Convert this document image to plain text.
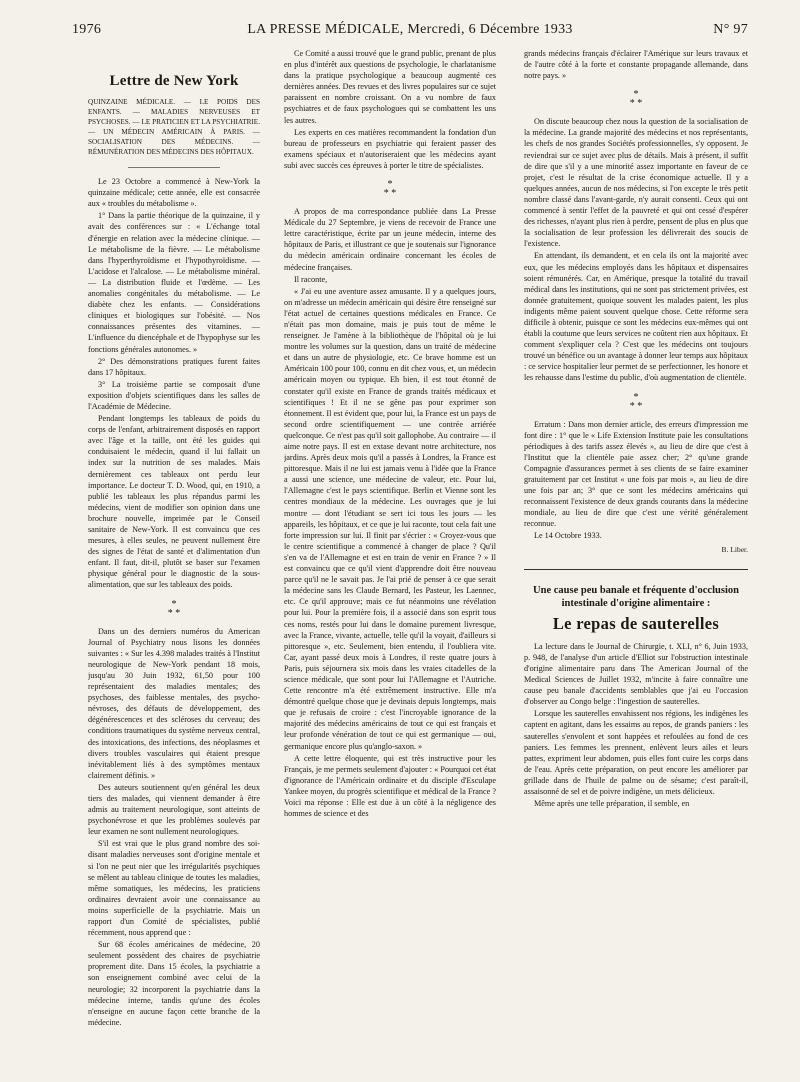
1976	LA PRESSE MÉDICALE, Mercredi, 6 Décembre 1933	N° 97
Lettre de New York

QUINZAINE MÉDICALE. — LE POIDS DES ENFANTS. — MALADIES NERVEUSES ET PSYCHOSES. — LE PRATICIEN ET LA PSYCHIATRIE. — UN MÉDECIN AMÉRICAIN À PARIS. — SOCIALISATION DES MÉDECINS. — RÉMUNÉRATION DES MÉDECINS DES HÔPITAUX.

Le 23 Octobre a commencé à New-York la quinzaine médicale; cette année, elle est consacrée aux « troubles du métabolisme ».

1° Dans la partie théorique de la quinzaine, il y avait des conférences sur : « L'échange total d'énergie en relation avec la médecine clinique. — Le métabolisme de la fièvre. — Le métabolisme dans l'hyperthyroïdisme et l'hypothyroïdisme. — L'acidose et l'alcalose. — Le métabolisme minéral. — La distribution fluide et l'œdème. — Les anomalies congénitales du métabolisme. — Le diabète chez les enfants. — Considérations cliniques et biologiques sur l'obésité. — Nos connaissances présentes des vitamines. — L'influence du diencéphale et de l'hypophyse sur les fonctions générales autonomes. »

2° Des démonstrations pratiques furent faites dans 17 hôpitaux.

3° La troisième partie se composait d'une exposition d'objets scientifiques dans les salles de l'Académie de Médecine.

Pendant longtemps les tableaux de poids du corps de l'enfant, arbitrairement disposés en rapport avec l'âge et la taille, ont été les guides qui conduisaient le médecin, quand il lui fallait un index sur la nutrition de ses malades. Mais dernièrement ces tableaux ont perdu leur importance. Le docteur T. D. Wood, qui, en 1910, a publié les tableaux les plus répandus parmi les médecins, vient de modifier son opinion dans une brochure nouvelle, imprimée par le Conseil sanitaire de New-York. Il est convaincu que ces mesures, à elles seules, ne peuvent nullement être des signes de l'état de santé et d'alimentation d'un enfant. Il faut, dit-il, plutôt se baser sur l'examen physique général pour le diagnostic de la sous-alimentation, que sur les tableaux des poids.

*
* *

Dans un des derniers numéros du American Journal of Psychiatry nous lisons les données suivantes : « Sur les 4.398 malades traités à l'Institut neurologique de New-York pendant 18 mois, jusqu'au 30 Juin 1932, 61,50 pour 100 représentaient des maladies mentales; des psychoses, des faiblesse mentales, des psycho-névroses, des défauts de développement, des dégénérescences et des scléroses du cerveau; des conditions traumatiques du système nerveux central, des intoxications, des infections, des néoplasmes et divers troubles vasculaires qui étaient presque inévitablement liés à des symptômes mentaux clairement définis. »

Des auteurs soutiennent qu'en général les deux tiers des malades, qui viennent demander à être admis au traitement neurologique, sont atteints de psychonévrose et que les problèmes soulevés par leur examen ne sont nullement neurologiques.

S'il est vrai que le plus grand nombre des soi-disant maladies nerveuses sont d'origine mentale et si l'on ne peut nier que les irrégularités psychiques se mêlent au tableau clinique de toutes les maladies, même somatiques, les médecins, les praticiens ordinaires devraient avoir une connaissance au moins superficielle de la psychiatrie. Mais un rapport d'un Comité de spécialistes, publié récemment, nous apprend que :

Sur 68 écoles américaines de médecine, 20 seulement possèdent des chaires de psychiatrie proprement dite. Dans 15 écoles, la psychiatrie a son enseignement combiné avec celui de la neurologie; 32 incorporent la psychiatrie dans la médecine interne, tandis qu'une des écoles n'enseigne en aucune façon cette branche de la médecine.

Ce Comité a aussi trouvé que le grand public, prenant de plus en plus d'intérêt aux questions de psychologie, le charlatanisme dans la pratique psychologique a beaucoup augmenté ces dernières années. Des revues et des livres populaires sur ce sujet paraissent en nombre croissant. On a vu nombre de faux psychiatres et de faux psychologues qui se combattent les uns les autres.

Les experts en ces matières recommandent la fondation d'un bureau de professeurs en psychiatrie qui feraient passer des examens spéciaux et n'autoriseraient que les médecins ayant subi avec succès ces épreuves à porter le titre de spécialistes.

*
* *

A propos de ma correspondance publiée dans La Presse Médicale du 27 Septembre, je viens de recevoir de France une lettre caractéristique, écrite par un jeune médecin, interne des hôpitaux de Paris, et illustrant ce que je soutenais sur l'ignorance du médecin américain ordinaire concernant les écoles de médecine françaises.

Il raconte,

« J'ai eu une aventure assez amusante. Il y a quelques jours, on m'adresse un médecin américain qui désire être renseigné sur l'état actuel de certaines questions médicales en France. Ce n'était pas mon domaine, mais je puis tout de même le renseigner. Je l'amène à la bibliothèque de l'hôpital où je lui montre les volumes sur la question, dans un traité de médecine et dans un autre de physiologie, etc. Ce brave homme est un Américain 100 pour 100, connu en dit chez vous, et, un médecin américain moyen ou typique. Eh bien, il est tout étonné de constater qu'il existe en France de grands traités médicaux et scientifiques ! Et il ne se gêne pas pour exprimer son étonnement. Il est évident que, pour lui, la France est un pays de second ordre scientifiquement — une contrée arriérée quelconque. Ce n'est pas qu'il soit gallophobe. Au contraire — il aime notre pays. Il est en extase devant notre architecture, nos jardins. Après deux mois qu'il a passés à Londres, la France est pittoresque. Mais il ne lui est jamais venu à l'idée que la France a aussi une science, une médecine de valeur, etc. Pour lui, l'Allemagne c'est le pays scientifique. Berlin et Vienne sont les centres mondiaux de la médecine. Les ouvrages que je lui montre — dont l'étudiant se sert ici tous les jours — les appareils, les hôpitaux, et ce que je lui raconte, tout cela fait une forte impression sur lui. Il finit par s'écrier : « Croyez-vous que le centre scientifique a commencé à changer de place ? Qu'il s'en va de l'Allemagne et est en train de venir en France ? » Il est convaincu que ce qu'il vient d'apprendre doit être nouveau parce qu'il ne le savait pas. Je l'ai prié de penser à ce que serait la médecine sans les Claude Bernard, les Pasteur, les Laennec, etc. Ce qu'il approuve; mais ce fut néanmoins une révélation pour lui. Pour la première fois, il a associé dans son esprit tous ces noms, restés pour lui dans le domaine purement livresque, avec la France, vivante, actuelle, telle qu'il la voyait, d'ailleurs si pittoresque », etc. Seulement, bien entendu, il l'oubliera vite. Car, ayant passé deux mois à Londres, il reste quatre jours à Paris, puis séjournera six mois dans les vraies citadelles de la science médicale, que sont pour lui l'Allemagne et l'Autriche. Cette rencontre m'a été extrêmement instructive. Elle m'a démontré quelque chose que je devinais depuis longtemps, mais que je refusais de croire : c'est l'incroyable ignorance de la majorité des médecins américains de tout ce qui est français et leur profonde vénération de tout ce qui est germanique — oui, germanique encore plus qu'anglo-saxon. »

A cette lettre éloquente, qui est très instructive pour les Français, je me permets seulement d'ajouter : « Pourquoi cet état d'ignorance de l'Américain ordinaire et du disciple d'Esculape Yankee moyen, du progrès scientifique et médical de la France ? Voici ma réponse : Elle est due à un côté à la négligence des hommes de science et des

grands médecins français d'éclairer l'Amérique sur leurs travaux et de l'autre côté à la forte et constante propagande allemande, dans notre pays. »

*
* *

On discute beaucoup chez nous la question de la socialisation de la médecine. La grande majorité des médecins et nos représentants, les chefs de nos grandes Sociétés professionnelles, s'y opposent. Je reviendrai sur ce sujet avec plus de détails. Mais à présent, il suffit de dire que s'il y a une minorité assez importante en faveur de ce projet, c'est le résultat de la crise économique actuelle. Il y a quelques années, aucun de nos médecins, si l'on excepte le très petit nombre classé dans l'avant-garde, n'y aurait consenti. Ceux qui ont commencé à sentir l'effet de la pauvreté et qui ont cessé d'espérer des richesses, n'ayant plus rien à perdre, pensent de plus en plus que la socialisation de leur profession les délivrerait des soucis de l'existence.

En attendant, ils demandent, et en cela ils ont la majorité avec eux, que les médecins employés dans les hôpitaux et dispensaires soient rémunérés. Car, en Amérique, presque la totalité du travail médical dans les institutions, qui ne sont pas strictement privées, est donnée gratuitement, quoique souvent les malades paient, les plus indigents même paient souvent quelque chose. Cette réforme sera difficile à obtenir, puisque ce sont les médecins eux-mêmes qui ont établi la coutume que leurs services ne coûtent rien aux hôpitaux. Et comment s'expliquer cela ? C'est que les médecins ont toujours trouvé un bénéfice ou un avantage à donner leur temps aux hôpitaux : ce service hospitalier leur permet de se perfectionner, les honore et les rehausse dans l'estime du public, d'où augmentation de clientèle.

*
* *

Erratum : Dans mon dernier article, des erreurs d'impression me font dire : 1° que le « Life Extension Institute paie les consultations périodiques à des tarifs assez élevés », au lieu de dire que c'est à l'Institut que la clientèle paie assez cher; 2° qu'une grande Compagnie d'assurances permet à ses clients de se faire examiner gratuitement par cet Institut « une fois par mois », au lieu de dire une fois par an; 3° que ce sont les médecins américains qui reconnaissent l'existence de deux grands courants dans la médecine mondiale, au lieu de dire que c'est une vérité généralement reconnue.

Le 14 Octobre 1933.

B. Liber.
Une cause peu banale et fréquente d'occlusion intestinale d'origine alimentaire :
Le repas de sauterelles

La lecture dans le Journal de Chirurgie, t. XLI, n° 6, Juin 1933, p. 948, de l'analyse d'un article d'Elliot sur l'obstruction intestinale d'origine alimentaire paru dans The American Journal of the Medical Sciences de Juillet 1932, m'incite à faire connaître une cause peu banale d'accidents semblables que j'ai eu l'occasion d'observer au Congo belge : l'ingestion de sauterelles.

Lorsque les sauterelles envahissent nos régions, les indigènes les captent en agitant, dans les essaims au repos, de grands paniers : les sauterelles s'envolent et sont happées et refoulées au fond de ces paniers. Les femmes les prennent, enlèvent leurs ailes et leurs pattes, expriment leur abdomen, puis elles font cuire les corps dans de l'eau. Après cette préparation, on peut encore les améliorer par grillade dans de l'huile de palme ou de sésame; c'est paraît-il, assaisonné de sel et de poivre indigène, un mets délicieux.

Même après une telle préparation, il semble, en
